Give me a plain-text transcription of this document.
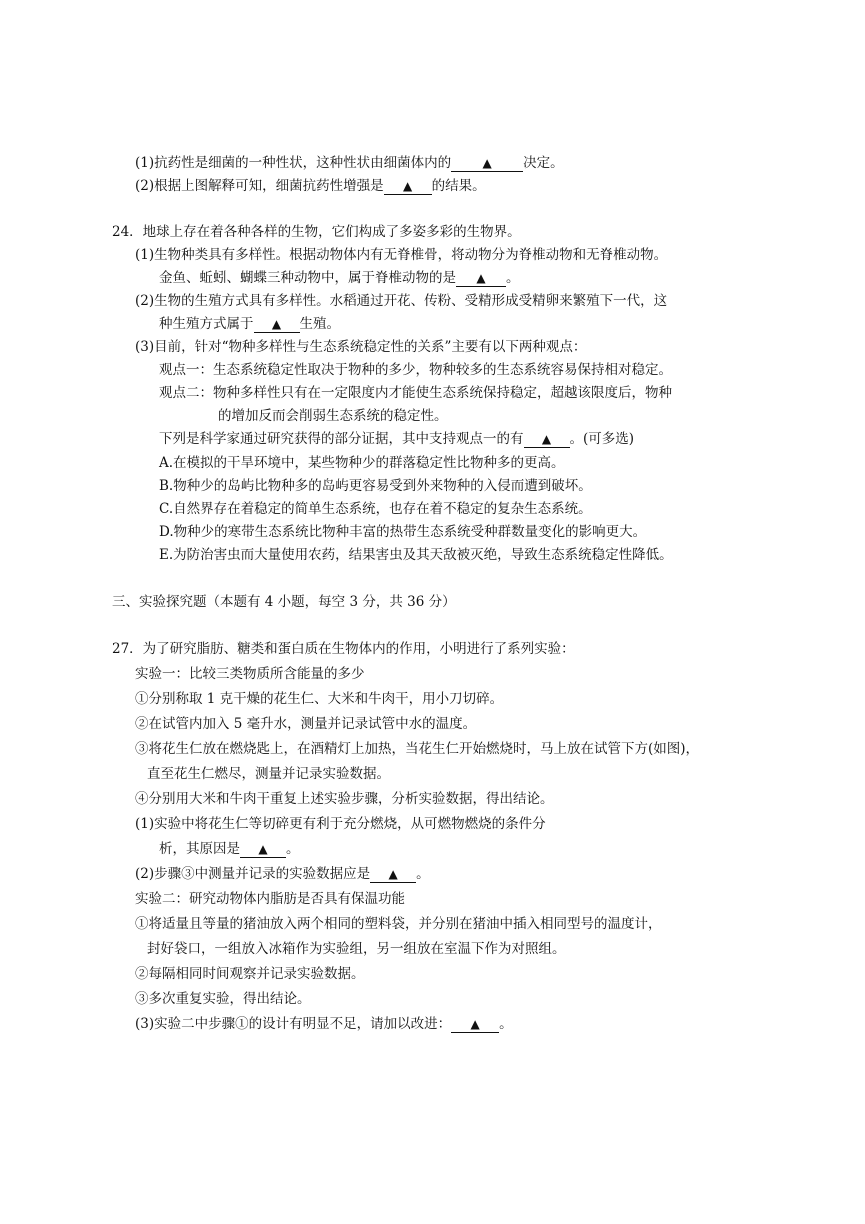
(1)抗药性是细菌的一种性状，这种性状由细菌体内的	▲ 决定。
(2)根据上图解释可知，细菌抗药性增强是 ▲ 的结果。
24．地球上存在着各种各样的生物，它们构成了多姿多彩的生物界。
(1)生物种类具有多样性。根据动物体内有无脊椎骨，将动物分为脊椎动物和无脊椎动物。
金鱼、蚯蚓、蝴蝶三种动物中，属于脊椎动物的是 ▲ 。
(2)生物的生殖方式具有多样性。水稻通过开花、传粉、受精形成受精卵来繁殖下一代，这
种生殖方式属于 ▲ 生殖。
(3)目前，针对“物种多样性与生态系统稳定性的关系”主要有以下两种观点：
观点一：生态系统稳定性取决于物种的多少，物种较多的生态系统容易保持相对稳定。
观点二：物种多样性只有在一定限度内才能使生态系统保持稳定，超越该限度后，物种
的增加反而会削弱生态系统的稳定性。
下列是科学家通过研究获得的部分证据，其中支持观点一的有 ▲ 。(可多选)
A.在模拟的干旱环境中，某些物种少的群落稳定性比物种多的更高。
B.物种少的岛屿比物种多的岛屿更容易受到外来物种的入侵而遭到破坏。
C.自然界存在着稳定的简单生态系统，也存在着不稳定的复杂生态系统。
D.物种少的寒带生态系统比物种丰富的热带生态系统受种群数量变化的影响更大。
E.为防治害虫而大量使用农药，结果害虫及其天敌被灭绝，导致生态系统稳定性降低。
三、实验探究题（本题有 4 小题，每空 3 分，共 36 分）
27．为了研究脂肪、糖类和蛋白质在生物体内的作用，小明进行了系列实验：
实验一：比较三类物质所含能量的多少
①分别称取 1 克干燥的花生仁、大米和牛肉干，用小刀切碎。
②在试管内加入 5 毫升水，测量并记录试管中水的温度。
③将花生仁放在燃烧匙上，在酒精灯上加热，当花生仁开始燃烧时，马上放在试管下方(如图)，
直至花生仁燃尽，测量并记录实验数据。
④分别用大米和牛肉干重复上述实验步骤，分析实验数据，得出结论。
(1)实验中将花生仁等切碎更有利于充分燃烧，从可燃物燃烧的条件分
析，其原因是 ▲ 。
(2)步骤③中测量并记录的实验数据应是 ▲ 。
实验二：研究动物体内脂肪是否具有保温功能
①将适量且等量的猪油放入两个相同的塑料袋，并分别在猪油中插入相同型号的温度计，
封好袋口，一组放入冰箱作为实验组，另一组放在室温下作为对照组。
②每隔相同时间观察并记录实验数据。
③多次重复实验，得出结论。
(3)实验二中步骤①的设计有明显不足，请加以改进： ▲ 。
